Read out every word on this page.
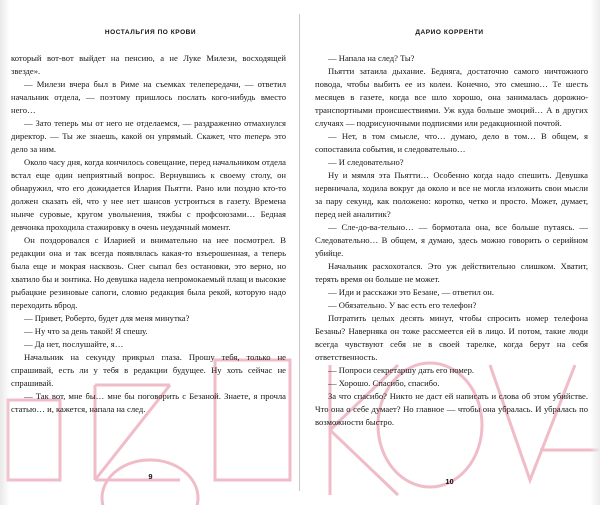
НОСТАЛЬГИЯ ПО КРОВИ

который вот-вот выйдет на пенсию, а не Луке Милези, восходящей звезде».

— Милези вчера был в Риме на съемках телепередачи, — ответил начальник отдела, — поэтому пришлось послать кого-нибудь вместо него…

— Зато теперь мы от него не отделаемся, — раздраженно отмахнулся директор. — Ты же знаешь, какой он упрямый. Скажет, что теперь это дело за ним.

Около часу дня, когда кончилось совещание, перед начальником отдела встал еще один неприятный вопрос. Вернувшись к своему столу, он обнаружил, что его дожидается Илария Пьятти. Рано или поздно кто-то должен сказать ей, что у нее нет шансов устроиться в газету. Времена нынче суровые, кругом увольнения, тяжбы с профсоюзами… Бедная девчонка проходила стажировку в очень неудачный момент.

Он поздоровался с Иларией и внимательно на нее посмотрел. В редакции она и так всегда появлялась какая-то взъерошенная, а теперь была еще и мокрая насквозь. Снег сыпал без остановки, это верно, но хватило бы и зонтика. Но девушка надела непромокаемый плащ и высокие рыбацкие резиновые сапоги, словно редакция была рекой, которую надо переходить вброд.

— Привет, Роберто, будет для меня минутка?

— Ну что за день такой! Я спешу.

— Да нет, послушайте, я…

Начальник на секунду прикрыл глаза. Прошу тебя, только не спрашивай, есть ли у тебя в редакции будущее. Ну хоть сейчас не спрашивай.

— Так вот, мне бы… мне бы поговорить с Безаной. Знаете, я прочла статью… и, кажется, напала на след.

9
ДАРИО КОРРЕНТИ

— Напала на след? Ты?

Пьятти затаила дыхание. Бедняга, достаточно самого ничтожного повода, чтобы выбить ее из колеи. Конечно, это смешно… Те шесть месяцев в газете, когда все шло хорошо, она занималась дорожно-транспортными происшествиями. Уж куда больше эмоций… А в других случаях — подрисуночными подписями или редакционной почтой.

— Нет, в том смысле, что… думаю, дело в том… В общем, я сопоставила события, и следовательно…

— И следовательно?

Ну и мямля эта Пьятти… Особенно когда надо спешить. Девушка нервничала, ходила вокруг да около и все не могла изложить свои мысли за пару секунд, как положено: коротко, четко и просто. Может, думает, перед ней аналитик?

— Сле-до-ва-тельно… — бормотала она, все больше путаясь. — Следовательно… В общем, я думаю, здесь можно говорить о серийном убийце.

Начальник расхохотался. Это уж действительно слишком. Хватит, терять время он больше не может.

— Иди и расскажи это Безане, — ответил он.

— Обязательно. У вас есть его телефон?

Потратить целых десять минут, чтобы спросить номер телефона Безаны? Наверняка он тоже рассмеется ей в лицо. И потом, такие люди всегда чувствуют себя не в своей тарелке, когда берут на себя ответственность.

— Попроси секретаршу дать его номер.

— Хорошо. Спасибо, спасибо.

За что спасибо? Никто не даст ей написать и слова об этом убийстве. Что она о себе думает? Но главное — чтобы она убралась. И убралась по возможности быстро.

10
